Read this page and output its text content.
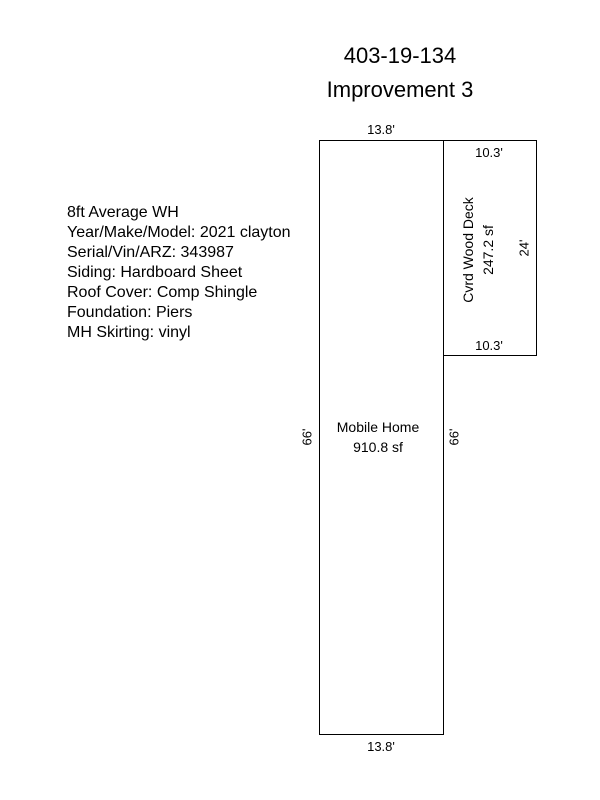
403-19-134
Improvement 3
8ft Average WH
Year/Make/Model: 2021 clayton
Serial/Vin/ARZ: 343987
Siding: Hardboard Sheet
Roof Cover: Comp Shingle
Foundation: Piers
MH Skirting: vinyl
13.8'
13.8'
66'	66'
Mobile Home
910.8 sf
10.3'
10.3'
24'
Cvrd Wood Deck 247.2 sf
